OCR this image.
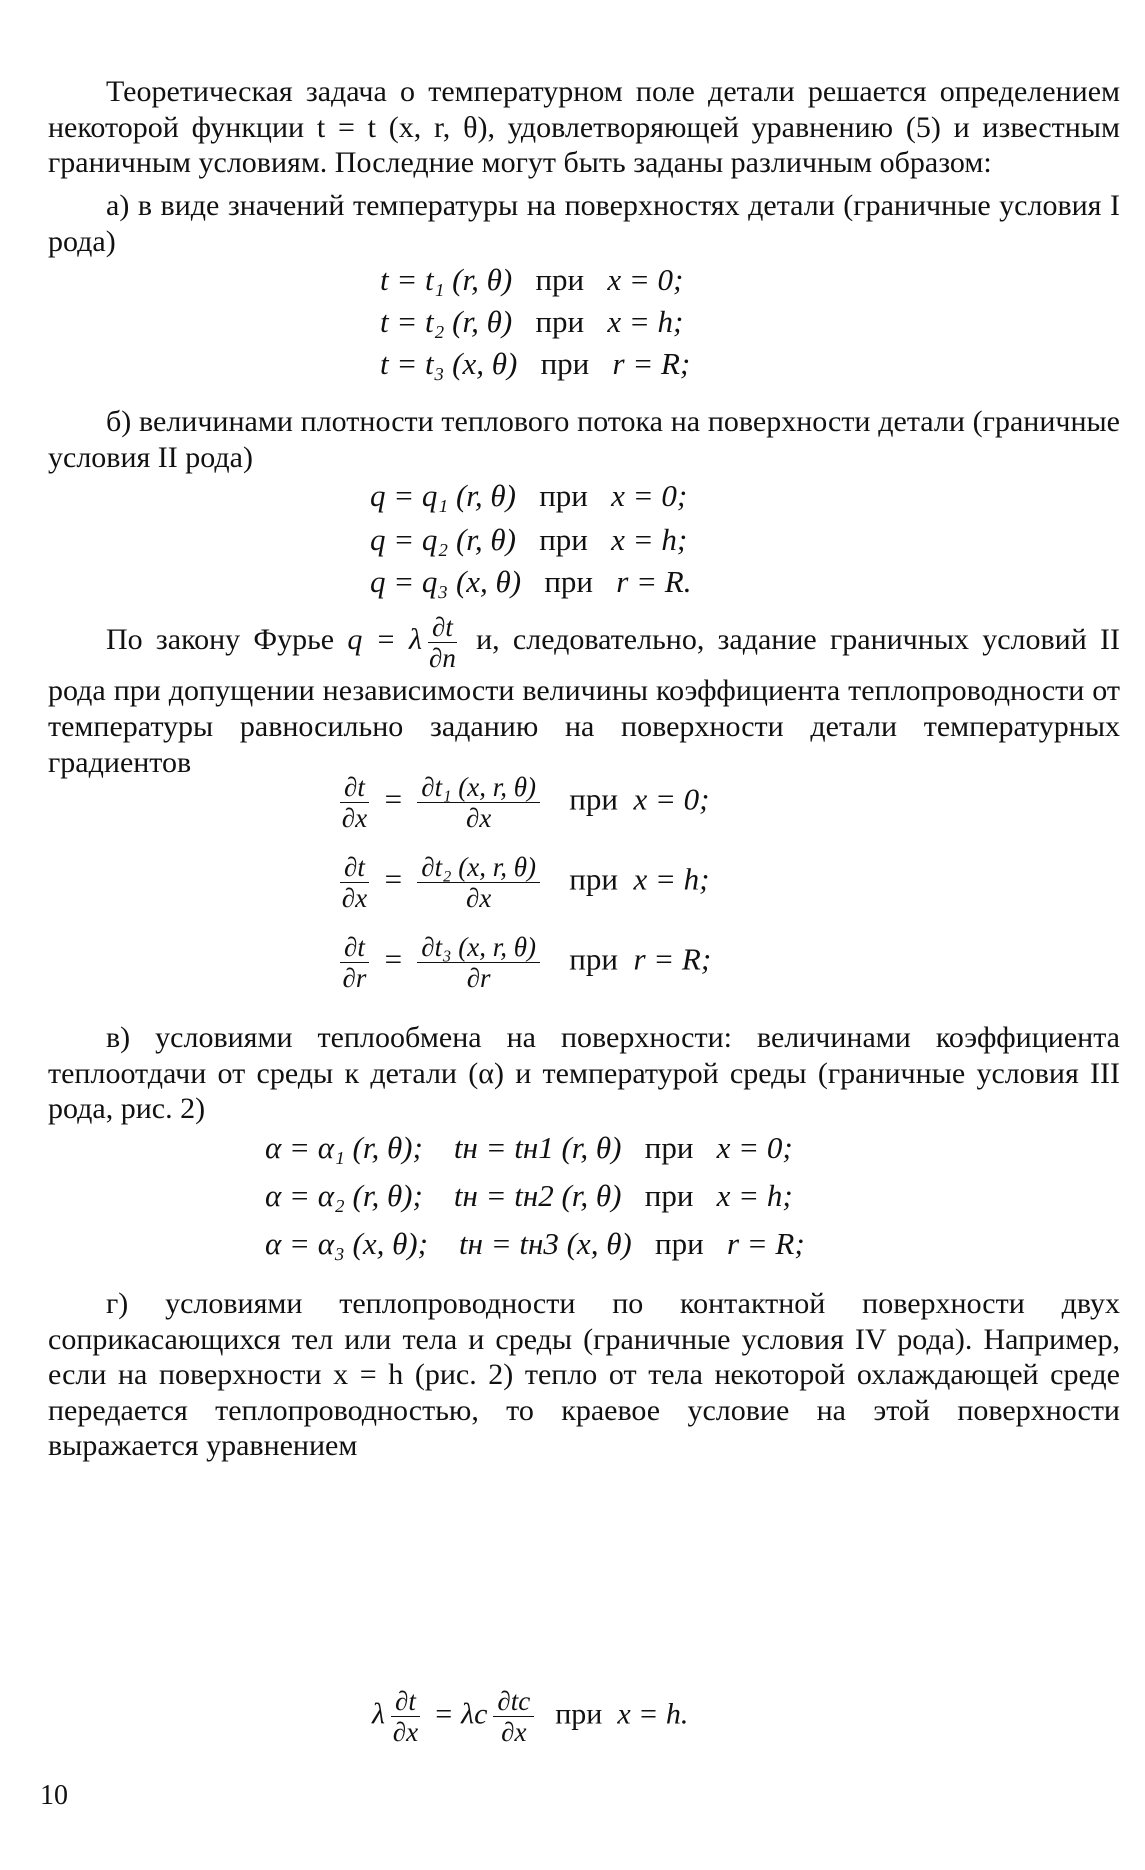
Теоретическая задача о температурном поле детали решается определением некоторой функции t = t (x, r, θ), удовлетворяющей уравнению (5) и известным граничным условиям. Последние могут быть заданы различным образом:
а) в виде значений температуры на поверхностях детали (граничные условия I рода)
t = t₁ (r, θ) при x = 0;
t = t₂ (r, θ) при x = h;
t = t₃ (x, θ) при r = R;
б) величинами плотности теплового потока на поверхности детали (граничные условия II рода)
q = q₁ (r, θ) при x = 0;
q = q₂ (r, θ) при x = h;
q = q₃ (x, θ) при r = R.
По закону Фурье q = λ $\frac{\partial t}{\partial n} и$, следовательно, задание граничных условий II рода при допущении независимости величины коэффициента теплопроводности от температуры равносильно заданию на поверхности детали температурных градиентов
$\frac{\partial t}{\partial x} = \frac{\text{∂t₁ (x, r, θ)}}{\partial x}$ при x = 0;
$\frac{\partial t}{\partial x} = \frac{\text{∂t₂ (x, r, θ)}}{\partial x}$ при x = h;
$\frac{\partial t}{\partial r} = \frac{\text{∂t₃ (x, r, θ)}}{\partial r}$ при r = R;
в) условиями теплообмена на поверхности: величинами коэффициента теплоотдачи от среды к детали (α) и температурой среды (граничные условия III рода, рис. 2)
α = α₁ (r, θ); tн = tн1 (r, θ) при x = 0;
α = α₂ (r, θ); tн = tн2 (r, θ) при x = h;
α = α₃ (x, θ); tн = tн3 (x, θ) при r = R;
г) условиями теплопроводности по контактной поверхности двух соприкасающихся тел или тела и среды (граничные условия IV рода). Например, если на поверхности x = h (рис. 2) тепло от тела некоторой охлаждающей среде передается теплопроводностью, то краевое условие на этой поверхности выражается уравнением
λ $\frac{\partial t}{\partial x} = \lambda с \frac{\partial tс}{\partial x}$ при x = h.
10
